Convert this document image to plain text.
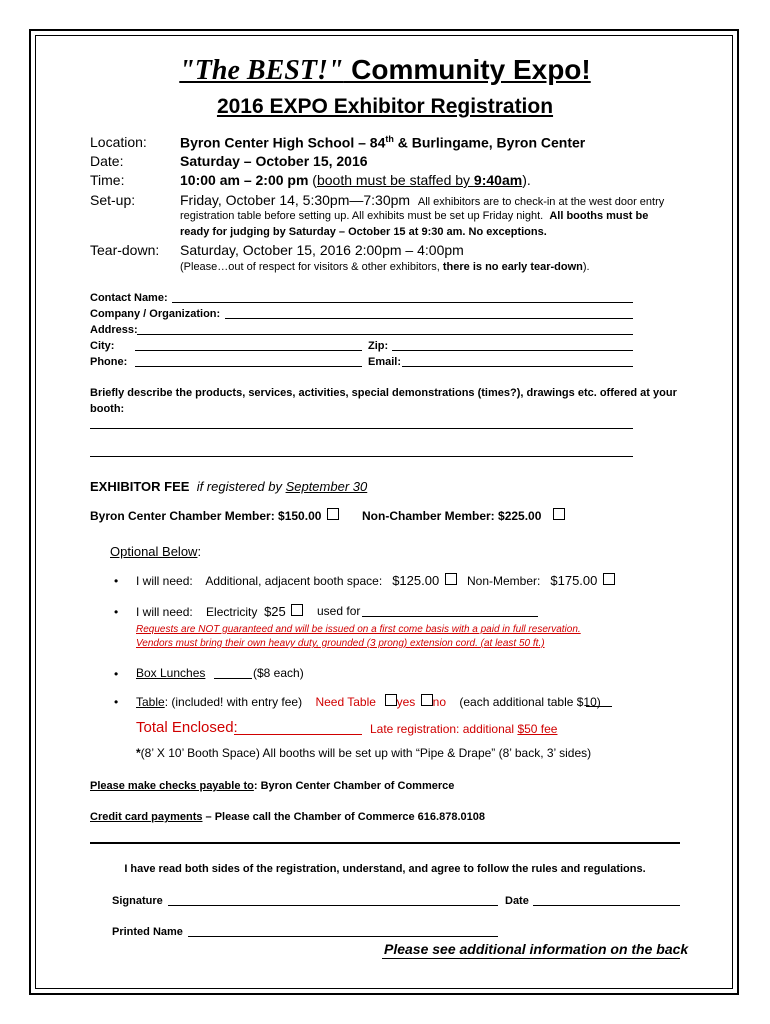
"The BEST!" Community Expo!
2016 EXPO Exhibitor Registration
Location: Byron Center High School – 84th & Burlingame, Byron Center
Date:	Saturday – October 15, 2016
Time:	10:00 am – 2:00 pm (booth must be staffed by 9:40am).
Set-up:	Friday, October 14, 5:30pm—7:30pm All exhibitors are to check-in at the west door entry
registration table before setting up. All exhibits must be set up Friday night. All booths must be
ready for judging by Saturday – October 15 at 9:30 am. No exceptions.
Tear-down: Saturday, October 15, 2016 2:00pm – 4:00pm
(Please…out of respect for visitors & other exhibitors, there is no early tear-down).
Contact Name:
Company / Organization:
Address:
City:	Zip:
Phone:	Email:
Briefly describe the products, services, activities, special demonstrations (times?), drawings etc. offered at your
booth:
EXHIBITOR FEE if registered by September 30
Byron Center Chamber Member: $150.00	Non-Chamber Member: $225.00
Optional Below:
• I will need: Additional, adjacent booth space: $125.00	Non-Member: $175.00
• I will need: Electricity $25	used for
Requests are NOT guaranteed and will be issued on a first come basis with a paid in full reservation.
Vendors must bring their own heavy duty, grounded (3 prong) extension cord. (at least 50 ft.)
• Box Lunches	($8 each)
• Table: (included! with entry fee) Need Table yes no (each additional table $10)
Total Enclosed:	Late registration: additional $50 fee
*(8’ X 10’ Booth Space) All booths will be set up with “Pipe & Drape” (8’ back, 3’ sides)
Please make checks payable to: Byron Center Chamber of Commerce
Credit card payments – Please call the Chamber of Commerce 616.878.0108
I have read both sides of the registration, understand, and agree to follow the rules and regulations.
Signature	Date
Printed Name
Please see additional information on the back
